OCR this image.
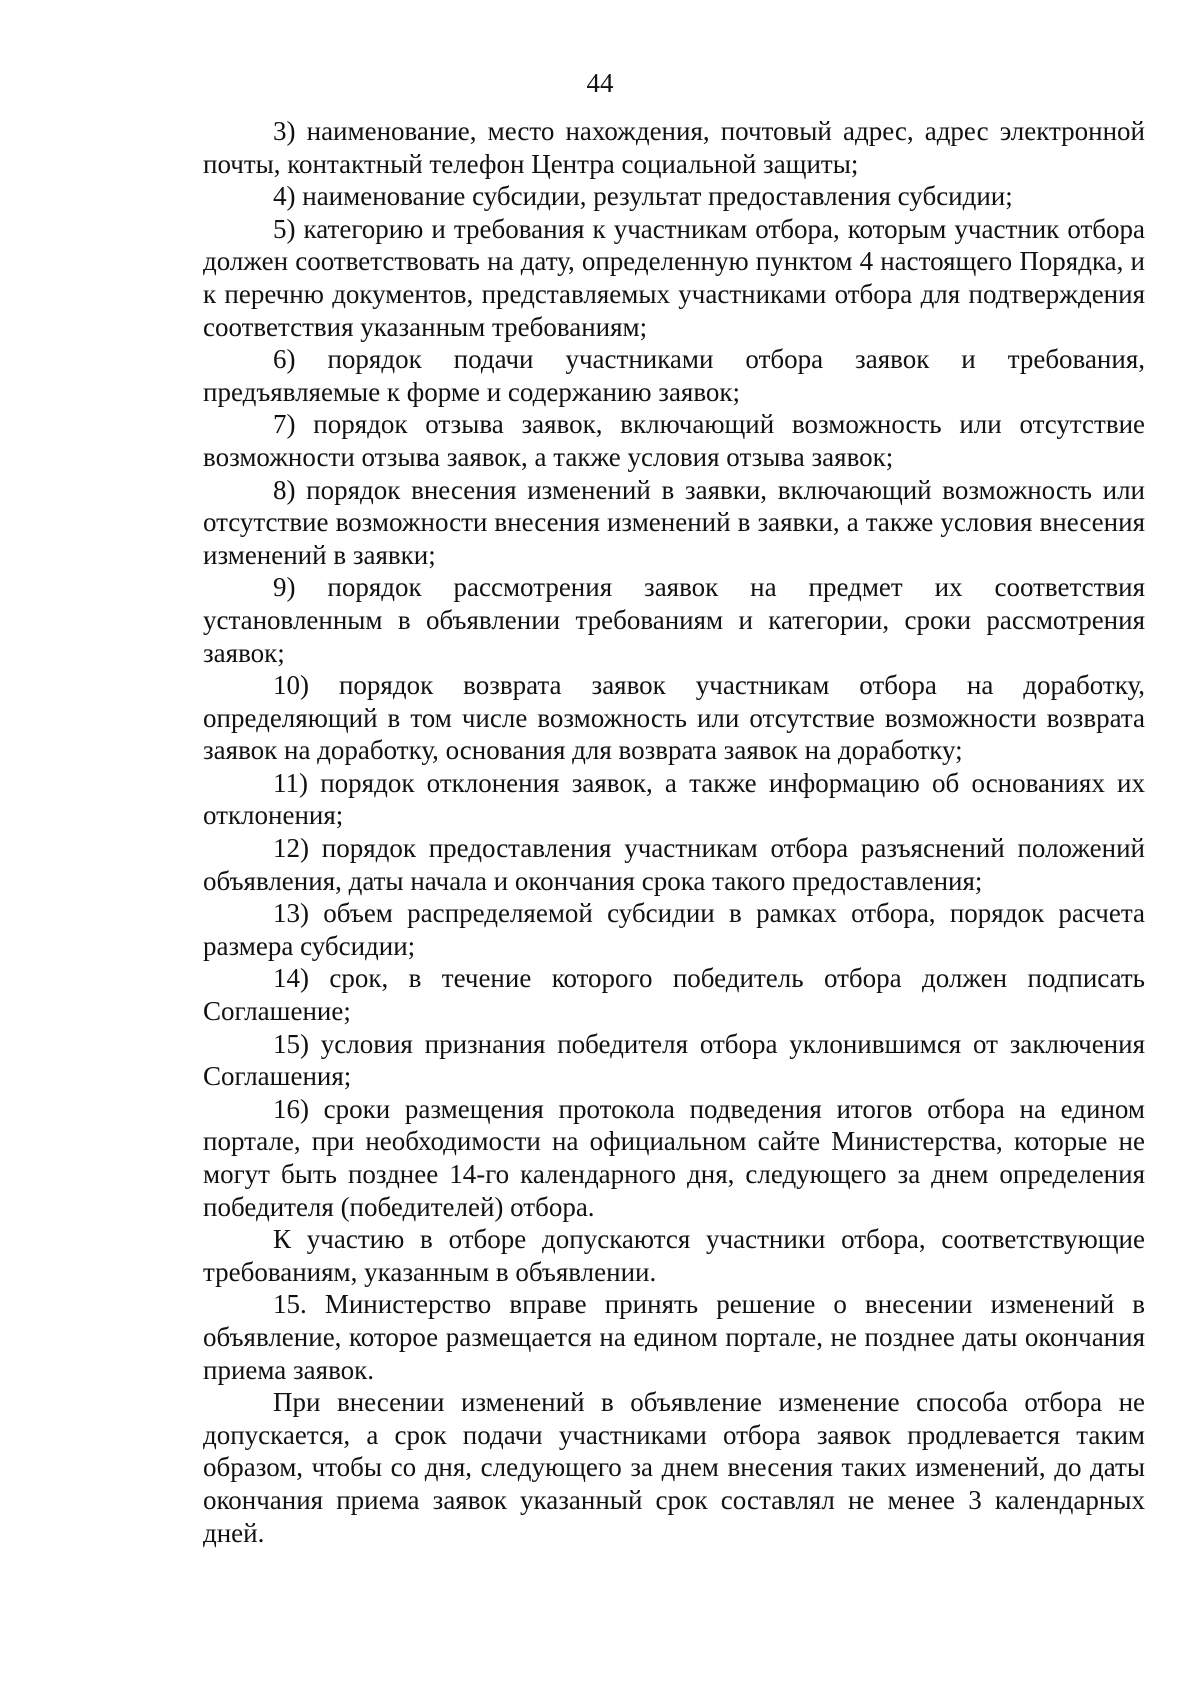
44

3) наименование, место нахождения, почтовый адрес, адрес электронной почты, контактный телефон Центра социальной защиты;

4) наименование субсидии, результат предоставления субсидии;

5) категорию и требования к участникам отбора, которым участник отбора должен соответствовать на дату, определенную пунктом 4 настоящего Порядка, и к перечню документов, представляемых участниками отбора для подтверждения соответствия указанным требованиям;

6) порядок подачи участниками отбора заявок и требования, предъявляемые к форме и содержанию заявок;

7) порядок отзыва заявок, включающий возможность или отсутствие возможности отзыва заявок, а также условия отзыва заявок;

8) порядок внесения изменений в заявки, включающий возможность или отсутствие возможности внесения изменений в заявки, а также условия внесения изменений в заявки;

9) порядок рассмотрения заявок на предмет их соответствия установленным в объявлении требованиям и категории, сроки рассмотрения заявок;

10) порядок возврата заявок участникам отбора на доработку, определяющий в том числе возможность или отсутствие возможности возврата заявок на доработку, основания для возврата заявок на доработку;

11) порядок отклонения заявок, а также информацию об основаниях их отклонения;

12) порядок предоставления участникам отбора разъяснений положений объявления, даты начала и окончания срока такого предоставления;

13) объем распределяемой субсидии в рамках отбора, порядок расчета размера субсидии;

14) срок, в течение которого победитель отбора должен подписать Соглашение;

15) условия признания победителя отбора уклонившимся от заключения Соглашения;

16) сроки размещения протокола подведения итогов отбора на едином портале, при необходимости на официальном сайте Министерства, которые не могут быть позднее 14-го календарного дня, следующего за днем определения победителя (победителей) отбора.

К участию в отборе допускаются участники отбора, соответствующие требованиям, указанным в объявлении.

15. Министерство вправе принять решение о внесении изменений в объявление, которое размещается на едином портале, не позднее даты окончания приема заявок.

При внесении изменений в объявление изменение способа отбора не допускается, а срок подачи участниками отбора заявок продлевается таким образом, чтобы со дня, следующего за днем внесения таких изменений, до даты окончания приема заявок указанный срок составлял не менее 3 календарных дней.
